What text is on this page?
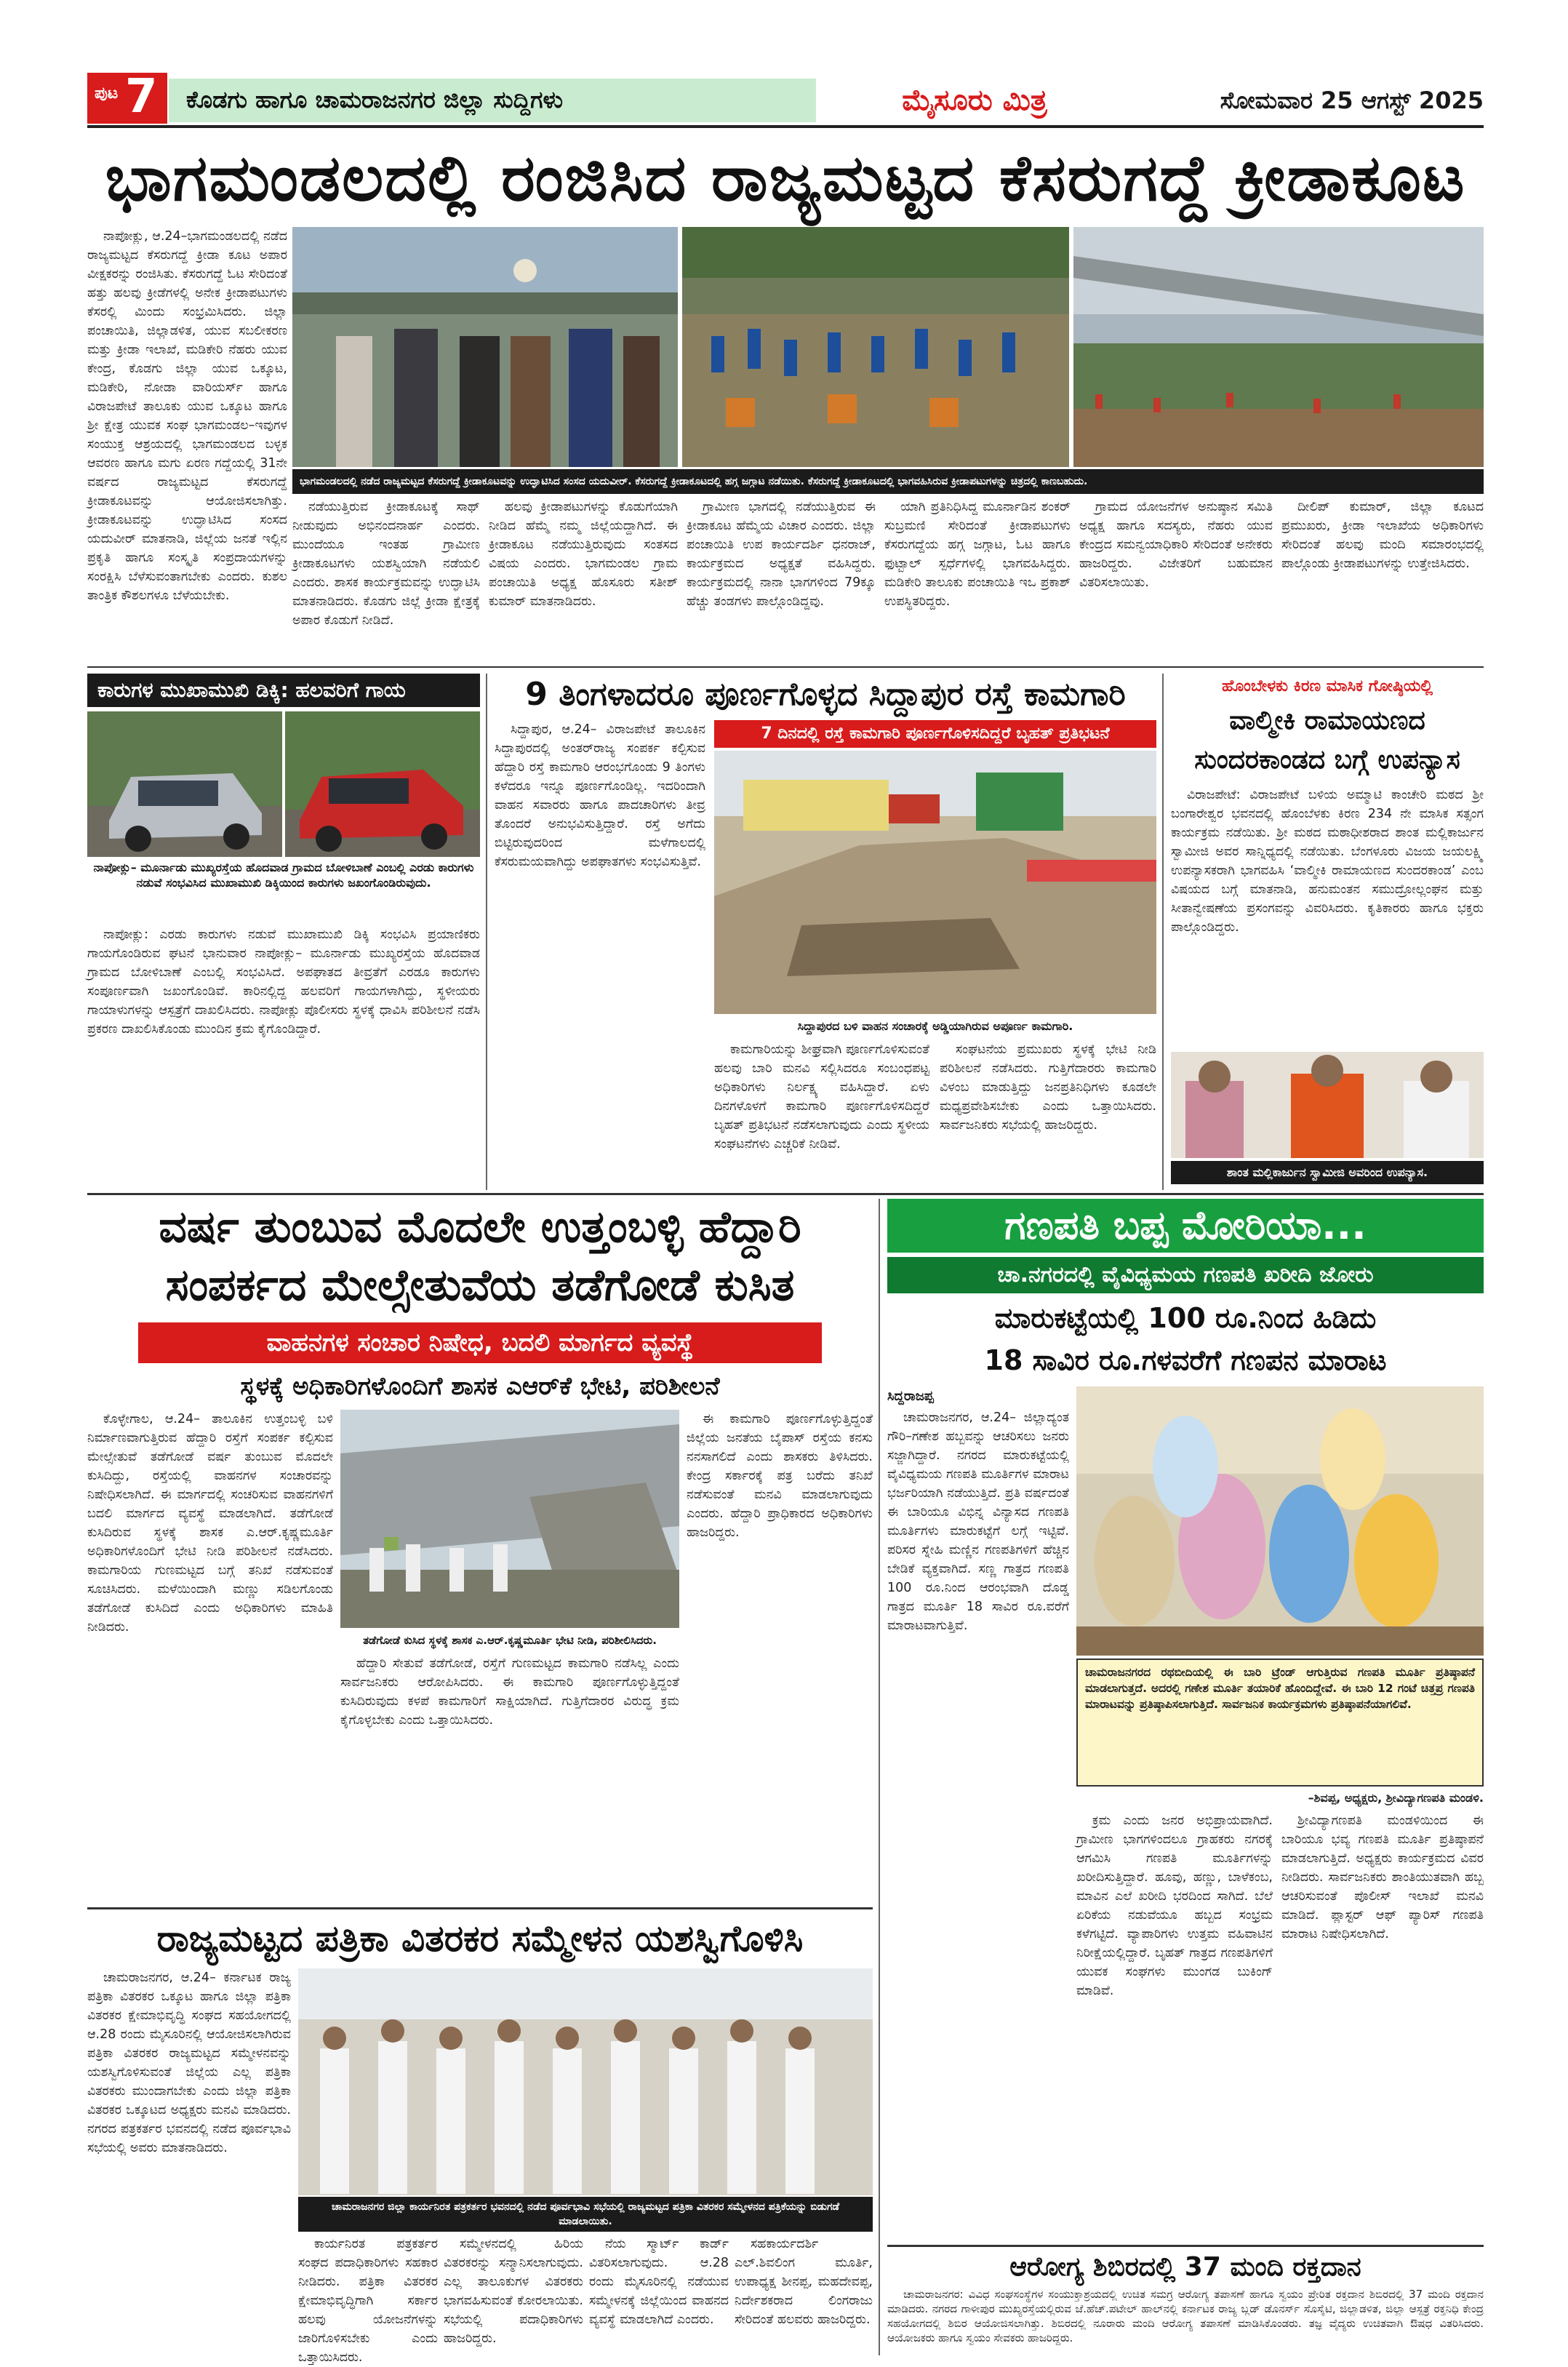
ಪುಟ 7 ಕೊಡಗು ಹಾಗೂ ಚಾಮರಾಜನಗರ ಜಿಲ್ಲಾ ಸುದ್ದಿಗಳು	ಮೈಸೂರು ಮಿತ್ರ	ಸೋಮವಾರ 25 ಆಗಸ್ಟ್ 2025
ಭಾಗಮಂಡಲದಲ್ಲಿ ರಂಜಿಸಿದ ರಾಜ್ಯಮಟ್ಟದ ಕೆಸರುಗದ್ದೆ ಕ್ರೀಡಾಕೂಟ

ನಾಪೋಕ್ಲು, ಆ.24–ಭಾಗಮಂಡಲದಲ್ಲಿ ನಡೆದ ರಾಜ್ಯಮಟ್ಟದ ಕೆಸರುಗದ್ದೆ ಕ್ರೀಡಾ ಕೂಟ ಅಪಾರ ವೀಕ್ಷಕರನ್ನು ರಂಜಿಸಿತು. ಕೆಸರುಗದ್ದೆ ಓಟ ಸೇರಿದಂತೆ ಹತ್ತು ಹಲವು ಕ್ರೀಡೆಗಳಲ್ಲಿ ಅನೇಕ ಕ್ರೀಡಾಪಟುಗಳು ಕೆಸರಲ್ಲಿ ಮಿಂದು ಸಂಭ್ರಮಿಸಿದರು. ಜಿಲ್ಲಾ ಪಂಚಾಯಿತಿ, ಜಿಲ್ಲಾಡಳಿತ, ಯುವ ಸಬಲೀಕರಣ ಮತ್ತು ಕ್ರೀಡಾ ಇಲಾಖೆ, ಮಡಿಕೇರಿ ನೆಹರು ಯುವ ಕೇಂದ್ರ, ಕೊಡಗು ಜಿಲ್ಲಾ ಯುವ ಒಕ್ಕೂಟ, ಮಡಿಕೇರಿ, ನೋಡಾ ವಾರಿಯರ್ಸ್ ಹಾಗೂ ವಿರಾಜಪೇಟೆ ತಾಲೂಕು ಯುವ ಒಕ್ಕೂಟ ಹಾಗೂ ಶ್ರೀ ಕ್ಷೇತ್ರ ಯುವಕ ಸಂಘ ಭಾಗಮಂಡಲ–ಇವುಗಳ ಸಂಯುಕ್ತ ಆಶ್ರಯದಲ್ಲಿ ಭಾಗಮಂಡಲದ ಬಳ್ಳಕ ಆವರಣ ಹಾಗೂ ಮಗು ಏರಣ ಗದ್ದೆಯಲ್ಲಿ 31ನೇ ವರ್ಷದ ರಾಜ್ಯಮಟ್ಟದ ಕೆಸರುಗದ್ದೆ ಕ್ರೀಡಾಕೂಟವನ್ನು ಆಯೋಜಿಸಲಾಗಿತ್ತು. ಕ್ರೀಡಾಕೂಟವನ್ನು ಉದ್ಘಾಟಿಸಿದ ಸಂಸದ ಯದುವೀರ್ ಮಾತನಾಡಿ, ಜಿಲ್ಲೆಯ ಜನತೆ ಇಲ್ಲಿನ ಪ್ರಕೃತಿ ಹಾಗೂ ಸಂಸ್ಕೃತಿ ಸಂಪ್ರದಾಯಗಳನ್ನು ಸಂರಕ್ಷಿಸಿ ಬೆಳೆಸುವಂತಾಗಬೇಕು ಎಂದರು. ಕುಶಲ ತಾಂತ್ರಿಕ ಕೌಶಲಗಳೂ ಬೆಳೆಯಬೇಕು.

ಭಾಗಮಂಡಲದಲ್ಲಿ ನಡೆದ ರಾಜ್ಯಮಟ್ಟದ ಕೆಸರುಗದ್ದೆ ಕ್ರೀಡಾಕೂಟವನ್ನು ಉದ್ಘಾಟಿಸಿದ ಸಂಸದ ಯದುವೀರ್. ಕೆಸರುಗದ್ದೆ ಕ್ರೀಡಾಕೂಟದಲ್ಲಿ ಹಗ್ಗ ಜಗ್ಗಾಟ ನಡೆಯಿತು. ಕೆಸರುಗದ್ದೆ ಕ್ರೀಡಾಕೂಟದಲ್ಲಿ ಭಾಗವಹಿಸಿರುವ ಕ್ರೀಡಾಪಟುಗಳನ್ನು ಚಿತ್ರದಲ್ಲಿ ಕಾಣಬಹುದು.

ನಡೆಯುತ್ತಿರುವ ಕ್ರೀಡಾಕೂಟಕ್ಕೆ ಸಾಥ್ ನೀಡುವುದು ಅಭಿನಂದನಾರ್ಹ ಎಂದರು. ಮುಂದೆಯೂ ಇಂತಹ ಗ್ರಾಮೀಣ ಕ್ರೀಡಾಕೂಟಗಳು ಯಶಸ್ವಿಯಾಗಿ ನಡೆಯಲಿ ಎಂದರು. ಶಾಸಕ ಕಾರ್ಯಕ್ರಮವನ್ನು ಉದ್ಘಾಟಿಸಿ ಮಾತನಾಡಿದರು. ಕೊಡಗು ಜಿಲ್ಲೆ ಕ್ರೀಡಾ ಕ್ಷೇತ್ರಕ್ಕೆ ಅಪಾರ ಕೊಡುಗೆ ನೀಡಿದೆ.

ಹಲವು ಕ್ರೀಡಾಪಟುಗಳನ್ನು ಕೊಡುಗೆಯಾಗಿ ನೀಡಿದ ಹೆಮ್ಮೆ ನಮ್ಮ ಜಿಲ್ಲೆಯದ್ದಾಗಿದೆ. ಈ ಕ್ರೀಡಾಕೂಟ ನಡೆಯುತ್ತಿರುವುದು ಸಂತಸದ ವಿಷಯ ಎಂದರು. ಭಾಗಮಂಡಲ ಗ್ರಾಮ ಪಂಚಾಯಿತಿ ಅಧ್ಯಕ್ಷ ಹೊಸೂರು ಸತೀಶ್ ಕುಮಾರ್ ಮಾತನಾಡಿದರು.

ಗ್ರಾಮೀಣ ಭಾಗದಲ್ಲಿ ನಡೆಯುತ್ತಿರುವ ಈ ಕ್ರೀಡಾಕೂಟ ಹೆಮ್ಮೆಯ ವಿಚಾರ ಎಂದರು. ಜಿಲ್ಲಾ ಪಂಚಾಯಿತಿ ಉಪ ಕಾರ್ಯದರ್ಶಿ ಧನರಾಜ್, ಕಾರ್ಯಕ್ರಮದ ಅಧ್ಯಕ್ಷತೆ ವಹಿಸಿದ್ದರು. ಕಾರ್ಯಕ್ರಮದಲ್ಲಿ ನಾನಾ ಭಾಗಗಳಿಂದ 79ಕ್ಕೂ ಹೆಚ್ಚು ತಂಡಗಳು ಪಾಲ್ಗೊಂಡಿದ್ದವು.

ಯಾಗಿ ಪ್ರತಿನಿಧಿಸಿದ್ದ ಮೂರ್ನಾಡಿನ ಶಂಕರ್ ಸುಬ್ರಮಣಿ ಸೇರಿದಂತೆ ಕ್ರೀಡಾಪಟುಗಳು ಕೆಸರುಗದ್ದೆಯ ಹಗ್ಗ ಜಗ್ಗಾಟ, ಓಟ ಹಾಗೂ ಫುಟ್ಬಾಲ್ ಸ್ಪರ್ಧೆಗಳಲ್ಲಿ ಭಾಗವಹಿಸಿದ್ದರು. ಮಡಿಕೇರಿ ತಾಲೂಕು ಪಂಚಾಯಿತಿ ಇಒ ಪ್ರಕಾಶ್ ಉಪಸ್ಥಿತರಿದ್ದರು.

ಗ್ರಾಮದ ಯೋಜನೆಗಳ ಅನುಷ್ಠಾನ ಸಮಿತಿ ಅಧ್ಯಕ್ಷ ಹಾಗೂ ಸದಸ್ಯರು, ನೆಹರು ಯುವ ಕೇಂದ್ರದ ಸಮನ್ವಯಾಧಿಕಾರಿ ಸೇರಿದಂತೆ ಅನೇಕರು ಹಾಜರಿದ್ದರು. ವಿಜೇತರಿಗೆ ಬಹುಮಾನ ವಿತರಿಸಲಾಯಿತು.

ದೀಲಿಪ್ ಕುಮಾರ್, ಜಿಲ್ಲಾ ಕೂಟದ ಪ್ರಮುಖರು, ಕ್ರೀಡಾ ಇಲಾಖೆಯ ಅಧಿಕಾರಿಗಳು ಸೇರಿದಂತೆ ಹಲವು ಮಂದಿ ಸಮಾರಂಭದಲ್ಲಿ ಪಾಲ್ಗೊಂಡು ಕ್ರೀಡಾಪಟುಗಳನ್ನು ಉತ್ತೇಜಿಸಿದರು.

ಕಾರುಗಳ ಮುಖಾಮುಖಿ ಡಿಕ್ಕಿ: ಹಲವರಿಗೆ ಗಾಯ
ನಾಪೋಕ್ಲು– ಮೂರ್ನಾಡು ಮುಖ್ಯರಸ್ತೆಯ ಹೊದವಾಡ ಗ್ರಾಮದ ಬೋಳಿಬಾಣೆ ಎಂಬಲ್ಲಿ ಎರಡು ಕಾರುಗಳು ನಡುವೆ ಸಂಭವಿಸಿದ ಮುಖಾಮುಖಿ ಡಿಕ್ಕಿಯಿಂದ ಕಾರುಗಳು ಜಖಂಗೊಂಡಿರುವುದು.

ನಾಪೋಕ್ಲು: ಎರಡು ಕಾರುಗಳು ನಡುವೆ ಮುಖಾಮುಖಿ ಡಿಕ್ಕಿ ಸಂಭವಿಸಿ ಪ್ರಯಾಣಿಕರು ಗಾಯಗೊಂಡಿರುವ ಘಟನೆ ಭಾನುವಾರ ನಾಪೋಕ್ಲು– ಮೂರ್ನಾಡು ಮುಖ್ಯರಸ್ತೆಯ ಹೊದವಾಡ ಗ್ರಾಮದ ಬೋಳಿಬಾಣೆ ಎಂಬಲ್ಲಿ ಸಂಭವಿಸಿದೆ. ಅಪಘಾತದ ತೀವ್ರತೆಗೆ ಎರಡೂ ಕಾರುಗಳು ಸಂಪೂರ್ಣವಾಗಿ ಜಖಂಗೊಂಡಿವೆ. ಕಾರಿನಲ್ಲಿದ್ದ ಹಲವರಿಗೆ ಗಾಯಗಳಾಗಿದ್ದು, ಸ್ಥಳೀಯರು ಗಾಯಾಳುಗಳನ್ನು ಆಸ್ಪತ್ರೆಗೆ ದಾಖಲಿಸಿದರು. ನಾಪೋಕ್ಲು ಪೊಲೀಸರು ಸ್ಥಳಕ್ಕೆ ಧಾವಿಸಿ ಪರಿಶೀಲನೆ ನಡೆಸಿ ಪ್ರಕರಣ ದಾಖಲಿಸಿಕೊಂಡು ಮುಂದಿನ ಕ್ರಮ ಕೈಗೊಂಡಿದ್ದಾರೆ.

9 ತಿಂಗಳಾದರೂ ಪೂರ್ಣಗೊಳ್ಳದ ಸಿದ್ದಾಪುರ ರಸ್ತೆ ಕಾಮಗಾರಿ

ಸಿದ್ದಾಪುರ, ಆ.24– ವಿರಾಜಪೇಟೆ ತಾಲೂಕಿನ ಸಿದ್ದಾಪುರದಲ್ಲಿ ಅಂತರ್‌ರಾಜ್ಯ ಸಂಪರ್ಕ ಕಲ್ಪಿಸುವ ಹೆದ್ದಾರಿ ರಸ್ತೆ ಕಾಮಗಾರಿ ಆರಂಭಗೊಂಡು 9 ತಿಂಗಳು ಕಳೆದರೂ ಇನ್ನೂ ಪೂರ್ಣಗೊಂಡಿಲ್ಲ. ಇದರಿಂದಾಗಿ ವಾಹನ ಸವಾರರು ಹಾಗೂ ಪಾದಚಾರಿಗಳು ತೀವ್ರ ತೊಂದರೆ ಅನುಭವಿಸುತ್ತಿದ್ದಾರೆ. ರಸ್ತೆ ಅಗೆದು ಬಿಟ್ಟಿರುವುದರಿಂದ ಮಳೆಗಾಲದಲ್ಲಿ ಕೆಸರುಮಯವಾಗಿದ್ದು ಅಪಘಾತಗಳು ಸಂಭವಿಸುತ್ತಿವೆ.

7 ದಿನದಲ್ಲಿ ರಸ್ತೆ ಕಾಮಗಾರಿ ಪೂರ್ಣಗೊಳಿಸದಿದ್ದರೆ ಬೃಹತ್ ಪ್ರತಿಭಟನೆ
ಸಿದ್ದಾಪುರದ ಬಳಿ ವಾಹನ ಸಂಚಾರಕ್ಕೆ ಅಡ್ಡಿಯಾಗಿರುವ ಅಪೂರ್ಣ ಕಾಮಗಾರಿ.

ಕಾಮಗಾರಿಯನ್ನು ಶೀಘ್ರವಾಗಿ ಪೂರ್ಣಗೊಳಿಸುವಂತೆ ಹಲವು ಬಾರಿ ಮನವಿ ಸಲ್ಲಿಸಿದರೂ ಸಂಬಂಧಪಟ್ಟ ಅಧಿಕಾರಿಗಳು ನಿರ್ಲಕ್ಷ್ಯ ವಹಿಸಿದ್ದಾರೆ. ಏಳು ದಿನಗಳೊಳಗೆ ಕಾಮಗಾರಿ ಪೂರ್ಣಗೊಳಿಸದಿದ್ದರೆ ಬೃಹತ್ ಪ್ರತಿಭಟನೆ ನಡೆಸಲಾಗುವುದು ಎಂದು ಸ್ಥಳೀಯ ಸಂಘಟನೆಗಳು ಎಚ್ಚರಿಕೆ ನೀಡಿವೆ.

ಸಂಘಟನೆಯ ಪ್ರಮುಖರು ಸ್ಥಳಕ್ಕೆ ಭೇಟಿ ನೀಡಿ ಪರಿಶೀಲನೆ ನಡೆಸಿದರು. ಗುತ್ತಿಗೆದಾರರು ಕಾಮಗಾರಿ ವಿಳಂಬ ಮಾಡುತ್ತಿದ್ದು ಜನಪ್ರತಿನಿಧಿಗಳು ಕೂಡಲೇ ಮಧ್ಯಪ್ರವೇಶಿಸಬೇಕು ಎಂದು ಒತ್ತಾಯಿಸಿದರು. ಸಾರ್ವಜನಿಕರು ಸಭೆಯಲ್ಲಿ ಹಾಜರಿದ್ದರು.

ಹೊಂಬೇಳಕು ಕಿರಣ ಮಾಸಿಕ ಗೋಷ್ಠಿಯಲ್ಲಿ
ವಾಲ್ಮೀಕಿ ರಾಮಾಯಣದ ಸುಂದರಕಾಂಡದ ಬಗ್ಗೆ ಉಪನ್ಯಾಸ

ವಿರಾಜಪೇಟೆ: ವಿರಾಜಪೇಟೆ ಬಳಿಯ ಅಮ್ಮಾಟಿ ಕಾಂಚೇರಿ ಮಠದ ಶ್ರೀ ಬಂಗಾರೇಶ್ವರ ಭವನದಲ್ಲಿ ಹೊಂಬೆಳಕು ಕಿರಣ 234 ನೇ ಮಾಸಿಕ ಸತ್ಸಂಗ ಕಾರ್ಯಕ್ರಮ ನಡೆಯಿತು. ಶ್ರೀ ಮಠದ ಮಠಾಧೀಶರಾದ ಶಾಂತ ಮಲ್ಲಿಕಾರ್ಜುನ ಸ್ವಾಮೀಜಿ ಅವರ ಸಾನ್ನಿಧ್ಯದಲ್ಲಿ ನಡೆಯಿತು. ಬೆಂಗಳೂರು ವಿಜಯ ಜಯಲಕ್ಷ್ಮಿ ಉಪನ್ಯಾಸಕರಾಗಿ ಭಾಗವಹಿಸಿ ‘ವಾಲ್ಮೀಕಿ ರಾಮಾಯಣದ ಸುಂದರಕಾಂಡ’ ಎಂಬ ವಿಷಯದ ಬಗ್ಗೆ ಮಾತನಾಡಿ, ಹನುಮಂತನ ಸಮುದ್ರೋಲ್ಲಂಘನ ಮತ್ತು ಸೀತಾನ್ವೇಷಣೆಯ ಪ್ರಸಂಗವನ್ನು ವಿವರಿಸಿದರು. ಕೃತಿಕಾರರು ಹಾಗೂ ಭಕ್ತರು ಪಾಲ್ಗೊಂಡಿದ್ದರು.

ಶಾಂತ ಮಲ್ಲಿಕಾರ್ಜುನ ಸ್ವಾಮೀಜಿ ಅವರಿಂದ ಉಪನ್ಯಾಸ.
ವರ್ಷ ತುಂಬುವ ಮೊದಲೇ ಉತ್ತಂಬಳ್ಳಿ ಹೆದ್ದಾರಿ
ಸಂಪರ್ಕದ ಮೇಲ್ಸೇತುವೆಯ ತಡೆಗೋಡೆ ಕುಸಿತ
ವಾಹನಗಳ ಸಂಚಾರ ನಿಷೇಧ, ಬದಲಿ ಮಾರ್ಗದ ವ್ಯವಸ್ಥೆ
ಸ್ಥಳಕ್ಕೆ ಅಧಿಕಾರಿಗಳೊಂದಿಗೆ ಶಾಸಕ ಎಆರ್‌ಕೆ ಭೇಟಿ, ಪರಿಶೀಲನೆ

ಕೊಳ್ಳೇಗಾಲ, ಆ.24– ತಾಲೂಕಿನ ಉತ್ತಂಬಳ್ಳಿ ಬಳಿ ನಿರ್ಮಾಣವಾಗುತ್ತಿರುವ ಹೆದ್ದಾರಿ ರಸ್ತೆಗೆ ಸಂಪರ್ಕ ಕಲ್ಪಿಸುವ ಮೇಲ್ಸೇತುವೆ ತಡೆಗೋಡೆ ವರ್ಷ ತುಂಬುವ ಮೊದಲೇ ಕುಸಿದಿದ್ದು, ರಸ್ತೆಯಲ್ಲಿ ವಾಹನಗಳ ಸಂಚಾರವನ್ನು ನಿಷೇಧಿಸಲಾಗಿದೆ. ಈ ಮಾರ್ಗದಲ್ಲಿ ಸಂಚರಿಸುವ ವಾಹನಗಳಿಗೆ ಬದಲಿ ಮಾರ್ಗದ ವ್ಯವಸ್ಥೆ ಮಾಡಲಾಗಿದೆ. ತಡೆಗೋಡೆ ಕುಸಿದಿರುವ ಸ್ಥಳಕ್ಕೆ ಶಾಸಕ ಎ.ಆರ್.ಕೃಷ್ಣಮೂರ್ತಿ ಅಧಿಕಾರಿಗಳೊಂದಿಗೆ ಭೇಟಿ ನೀಡಿ ಪರಿಶೀಲನೆ ನಡೆಸಿದರು. ಕಾಮಗಾರಿಯ ಗುಣಮಟ್ಟದ ಬಗ್ಗೆ ತನಿಖೆ ನಡೆಸುವಂತೆ ಸೂಚಿಸಿದರು. ಮಳೆಯಿಂದಾಗಿ ಮಣ್ಣು ಸಡಿಲಗೊಂಡು ತಡೆಗೋಡೆ ಕುಸಿದಿದೆ ಎಂದು ಅಧಿಕಾರಿಗಳು ಮಾಹಿತಿ ನೀಡಿದರು.

ತಡೆಗೋಡೆ ಕುಸಿದ ಸ್ಥಳಕ್ಕೆ ಶಾಸಕ ಎ.ಆರ್.ಕೃಷ್ಣಮೂರ್ತಿ ಭೇಟಿ ನೀಡಿ, ಪರಿಶೀಲಿಸಿದರು.

ಹೆದ್ದಾರಿ ಸೇತುವೆ ತಡೆಗೋಡೆ, ರಸ್ತೆಗೆ ಗುಣಮಟ್ಟದ ಕಾಮಗಾರಿ ನಡೆಸಿಲ್ಲ ಎಂದು ಸಾರ್ವಜನಿಕರು ಆರೋಪಿಸಿದರು. ಈ ಕಾಮಗಾರಿ ಪೂರ್ಣಗೊಳ್ಳುತ್ತಿದ್ದಂತೆ ಕುಸಿದಿರುವುದು ಕಳಪೆ ಕಾಮಗಾರಿಗೆ ಸಾಕ್ಷಿಯಾಗಿದೆ. ಗುತ್ತಿಗೆದಾರರ ವಿರುದ್ಧ ಕ್ರಮ ಕೈಗೊಳ್ಳಬೇಕು ಎಂದು ಒತ್ತಾಯಿಸಿದರು.

ಈ ಕಾಮಗಾರಿ ಪೂರ್ಣಗೊಳ್ಳುತ್ತಿದ್ದಂತೆ ಜಿಲ್ಲೆಯ ಜನತೆಯ ಬೈಪಾಸ್ ರಸ್ತೆಯ ಕನಸು ನನಸಾಗಲಿದೆ ಎಂದು ಶಾಸಕರು ತಿಳಿಸಿದರು. ಕೇಂದ್ರ ಸರ್ಕಾರಕ್ಕೆ ಪತ್ರ ಬರೆದು ತನಿಖೆ ನಡೆಸುವಂತೆ ಮನವಿ ಮಾಡಲಾಗುವುದು ಎಂದರು. ಹೆದ್ದಾರಿ ಪ್ರಾಧಿಕಾರದ ಅಧಿಕಾರಿಗಳು ಹಾಜರಿದ್ದರು.

ರಾಜ್ಯಮಟ್ಟದ ಪತ್ರಿಕಾ ವಿತರಕರ ಸಮ್ಮೇಳನ ಯಶಸ್ವಿಗೊಳಿಸಿ

ಚಾಮರಾಜನಗರ, ಆ.24– ಕರ್ನಾಟಕ ರಾಜ್ಯ ಪತ್ರಿಕಾ ವಿತರಕರ ಒಕ್ಕೂಟ ಹಾಗೂ ಜಿಲ್ಲಾ ಪತ್ರಿಕಾ ವಿತರಕರ ಕ್ಷೇಮಾಭಿವೃದ್ಧಿ ಸಂಘದ ಸಹಯೋಗದಲ್ಲಿ ಆ.28 ರಂದು ಮೈಸೂರಿನಲ್ಲಿ ಆಯೋಜಿಸಲಾಗಿರುವ ಪತ್ರಿಕಾ ವಿತರಕರ ರಾಜ್ಯಮಟ್ಟದ ಸಮ್ಮೇಳನವನ್ನು ಯಶಸ್ವಿಗೊಳಿಸುವಂತೆ ಜಿಲ್ಲೆಯ ಎಲ್ಲ ಪತ್ರಿಕಾ ವಿತರಕರು ಮುಂದಾಗಬೇಕು ಎಂದು ಜಿಲ್ಲಾ ಪತ್ರಿಕಾ ವಿತರಕರ ಒಕ್ಕೂಟದ ಅಧ್ಯಕ್ಷರು ಮನವಿ ಮಾಡಿದರು. ನಗರದ ಪತ್ರಕರ್ತರ ಭವನದಲ್ಲಿ ನಡೆದ ಪೂರ್ವಭಾವಿ ಸಭೆಯಲ್ಲಿ ಅವರು ಮಾತನಾಡಿದರು.

ಚಾಮರಾಜನಗರ ಜಿಲ್ಲಾ ಕಾರ್ಯನಿರತ ಪತ್ರಕರ್ತರ ಭವನದಲ್ಲಿ ನಡೆದ ಪೂರ್ವಭಾವಿ ಸಭೆಯಲ್ಲಿ ರಾಜ್ಯಮಟ್ಟದ ಪತ್ರಿಕಾ ವಿತರಕರ ಸಮ್ಮೇಳನದ ಪತ್ರಿಕೆಯನ್ನು ಬಿಡುಗಡೆ ಮಾಡಲಾಯಿತು.

ಕಾರ್ಯನಿರತ ಪತ್ರಕರ್ತರ ಸಂಘದ ಪದಾಧಿಕಾರಿಗಳು ಸಹಕಾರ ನೀಡಿದರು. ಪತ್ರಿಕಾ ವಿತರಕರ ಕ್ಷೇಮಾಭಿವೃದ್ಧಿಗಾಗಿ ಸರ್ಕಾರ ಹಲವು ಯೋಜನೆಗಳನ್ನು ಜಾರಿಗೊಳಿಸಬೇಕು ಎಂದು ಒತ್ತಾಯಿಸಿದರು.

ಸಮ್ಮೇಳನದಲ್ಲಿ ಹಿರಿಯ ವಿತರಕರನ್ನು ಸನ್ಮಾನಿಸಲಾಗುವುದು. ಎಲ್ಲ ತಾಲೂಕುಗಳ ವಿತರಕರು ಭಾಗವಹಿಸುವಂತೆ ಕೋರಲಾಯಿತು. ಸಭೆಯಲ್ಲಿ ಪದಾಧಿಕಾರಿಗಳು ಹಾಜರಿದ್ದರು.

ನೆಯ ಸ್ಮಾರ್ಟ್ ಕಾರ್ಡ್ ವಿತರಿಸಲಾಗುವುದು. ಆ.28 ರಂದು ಮೈಸೂರಿನಲ್ಲಿ ನಡೆಯುವ ಸಮ್ಮೇಳನಕ್ಕೆ ಜಿಲ್ಲೆಯಿಂದ ವಾಹನದ ವ್ಯವಸ್ಥೆ ಮಾಡಲಾಗಿದೆ ಎಂದರು.

ಸಹಕಾರ್ಯದರ್ಶಿ ಎಲ್.ಶಿವಲಿಂಗ ಮೂರ್ತಿ, ಉಪಾಧ್ಯಕ್ಷ ಶೀನಪ್ಪ, ಮಹದೇವಪ್ಪ, ನಿರ್ದೇಶಕರಾದ ಲಿಂಗರಾಜು ಸೇರಿದಂತೆ ಹಲವರು ಹಾಜರಿದ್ದರು.

ಗಣಪತಿ ಬಪ್ಪ ಮೋರಿಯಾ...
ಚಾ.ನಗರದಲ್ಲಿ ವೈವಿಧ್ಯಮಯ ಗಣಪತಿ ಖರೀದಿ ಜೋರು
ಮಾರುಕಟ್ಟೆಯಲ್ಲಿ 100 ರೂ.ನಿಂದ ಹಿಡಿದು
18 ಸಾವಿರ ರೂ.ಗಳವರೆಗೆ ಗಣಪನ ಮಾರಾಟ
ಸಿದ್ದರಾಜಪ್ಪ

ಚಾಮರಾಜನಗರ, ಆ.24– ಜಿಲ್ಲಾದ್ಯಂತ ಗೌರಿ–ಗಣೇಶ ಹಬ್ಬವನ್ನು ಆಚರಿಸಲು ಜನರು ಸಜ್ಜಾಗಿದ್ದಾರೆ. ನಗರದ ಮಾರುಕಟ್ಟೆಯಲ್ಲಿ ವೈವಿಧ್ಯಮಯ ಗಣಪತಿ ಮೂರ್ತಿಗಳ ಮಾರಾಟ ಭರ್ಜರಿಯಾಗಿ ನಡೆಯುತ್ತಿದೆ. ಪ್ರತಿ ವರ್ಷದಂತೆ ಈ ಬಾರಿಯೂ ವಿಭಿನ್ನ ವಿನ್ಯಾಸದ ಗಣಪತಿ ಮೂರ್ತಿಗಳು ಮಾರುಕಟ್ಟೆಗೆ ಲಗ್ಗೆ ಇಟ್ಟಿವೆ. ಪರಿಸರ ಸ್ನೇಹಿ ಮಣ್ಣಿನ ಗಣಪತಿಗಳಿಗೆ ಹೆಚ್ಚಿನ ಬೇಡಿಕೆ ವ್ಯಕ್ತವಾಗಿದೆ. ಸಣ್ಣ ಗಾತ್ರದ ಗಣಪತಿ 100 ರೂ.ನಿಂದ ಆರಂಭವಾಗಿ ದೊಡ್ಡ ಗಾತ್ರದ ಮೂರ್ತಿ 18 ಸಾವಿರ ರೂ.ವರೆಗೆ ಮಾರಾಟವಾಗುತ್ತಿವೆ.

ಚಾಮರಾಜನಗರದ ರಥಬೀದಿಯಲ್ಲಿ ಈ ಬಾರಿ ಟ್ರೆಂಡ್ ಆಗುತ್ತಿರುವ ಗಣಪತಿ ಮೂರ್ತಿ ಪ್ರತಿಷ್ಠಾಪನೆ ಮಾಡಲಾಗುತ್ತದೆ. ಅದರಲ್ಲಿ ಗಣೇಶ ಮೂರ್ತಿ ತಯಾರಿಕೆ ಹೊಂದಿದ್ದೇವೆ. ಈ ಬಾರಿ 12 ಗಂಟೆ ಚಿತ್ತಪ್ರ ಗಣಪತಿ ಮಾರಾಟವನ್ನು ಪ್ರತಿಷ್ಠಾಪಿಸಲಾಗುತ್ತಿದೆ. ಸಾರ್ವಜನಿಕ ಕಾರ್ಯಕ್ರಮಗಳು ಪ್ರತಿಷ್ಠಾಪನೆಯಾಗಲಿವೆ.
–ಶಿವಪ್ಪ, ಅಧ್ಯಕ್ಷರು, ಶ್ರೀವಿದ್ಯಾಗಣಪತಿ ಮಂಡಳಿ.

ಕ್ರಮ ಎಂದು ಜನರ ಅಭಿಪ್ರಾಯವಾಗಿದೆ. ಗ್ರಾಮೀಣ ಭಾಗಗಳಿಂದಲೂ ಗ್ರಾಹಕರು ನಗರಕ್ಕೆ ಆಗಮಿಸಿ ಗಣಪತಿ ಮೂರ್ತಿಗಳನ್ನು ಖರೀದಿಸುತ್ತಿದ್ದಾರೆ. ಹೂವು, ಹಣ್ಣು, ಬಾಳೆಕಂಬ, ಮಾವಿನ ಎಲೆ ಖರೀದಿ ಭರದಿಂದ ಸಾಗಿದೆ. ಬೆಲೆ ಏರಿಕೆಯ ನಡುವೆಯೂ ಹಬ್ಬದ ಸಂಭ್ರಮ ಕಳೆಗಟ್ಟಿದೆ. ವ್ಯಾಪಾರಿಗಳು ಉತ್ತಮ ವಹಿವಾಟಿನ ನಿರೀಕ್ಷೆಯಲ್ಲಿದ್ದಾರೆ. ಬೃಹತ್ ಗಾತ್ರದ ಗಣಪತಿಗಳಿಗೆ ಯುವಕ ಸಂಘಗಳು ಮುಂಗಡ ಬುಕಿಂಗ್ ಮಾಡಿವೆ.

ಶ್ರೀವಿದ್ಯಾಗಣಪತಿ ಮಂಡಳಿಯಿಂದ ಈ ಬಾರಿಯೂ ಭವ್ಯ ಗಣಪತಿ ಮೂರ್ತಿ ಪ್ರತಿಷ್ಠಾಪನೆ ಮಾಡಲಾಗುತ್ತಿದೆ. ಅಧ್ಯಕ್ಷರು ಕಾರ್ಯಕ್ರಮದ ವಿವರ ನೀಡಿದರು. ಸಾರ್ವಜನಿಕರು ಶಾಂತಿಯುತವಾಗಿ ಹಬ್ಬ ಆಚರಿಸುವಂತೆ ಪೊಲೀಸ್ ಇಲಾಖೆ ಮನವಿ ಮಾಡಿದೆ. ಪ್ಲಾಸ್ಟರ್ ಆಫ್ ಪ್ಯಾರಿಸ್ ಗಣಪತಿ ಮಾರಾಟ ನಿಷೇಧಿಸಲಾಗಿದೆ.

ಆರೋಗ್ಯ ಶಿಬಿರದಲ್ಲಿ 37 ಮಂದಿ ರಕ್ತದಾನ

ಚಾಮರಾಜನಗರ: ವಿವಿಧ ಸಂಘಸಂಸ್ಥೆಗಳ ಸಂಯುಕ್ತಾಶ್ರಯದಲ್ಲಿ ಉಚಿತ ಸಮಗ್ರ ಆರೋಗ್ಯ ತಪಾಸಣೆ ಹಾಗೂ ಸ್ವಯಂ ಪ್ರೇರಿತ ರಕ್ತದಾನ ಶಿಬಿರದಲ್ಲಿ 37 ಮಂದಿ ರಕ್ತದಾನ ಮಾಡಿದರು. ನಗರದ ಗಾಳೀಪುರ ಮುಖ್ಯರಸ್ತೆಯಲ್ಲಿರುವ ಜೆ.ಹೆಚ್.ಪಟೇಲ್ ಹಾಲ್‌ನಲ್ಲಿ ಕರ್ನಾಟಕ ರಾಜ್ಯ ಬ್ಲಡ್ ಡೊನರ್ಸ್ ಸೊಸೈಟಿ, ಜಿಲ್ಲಾಡಳಿತ, ಜಿಲ್ಲಾ ಆಸ್ಪತ್ರೆ ರಕ್ತನಿಧಿ ಕೇಂದ್ರ ಸಹಯೋಗದಲ್ಲಿ ಶಿಬಿರ ಆಯೋಜಿಸಲಾಗಿತ್ತು. ಶಿಬಿರದಲ್ಲಿ ನೂರಾರು ಮಂದಿ ಆರೋಗ್ಯ ತಪಾಸಣೆ ಮಾಡಿಸಿಕೊಂಡರು. ತಜ್ಞ ವೈದ್ಯರು ಉಚಿತವಾಗಿ ಔಷಧ ವಿತರಿಸಿದರು. ಆಯೋಜಕರು ಹಾಗೂ ಸ್ವಯಂ ಸೇವಕರು ಹಾಜರಿದ್ದರು.
